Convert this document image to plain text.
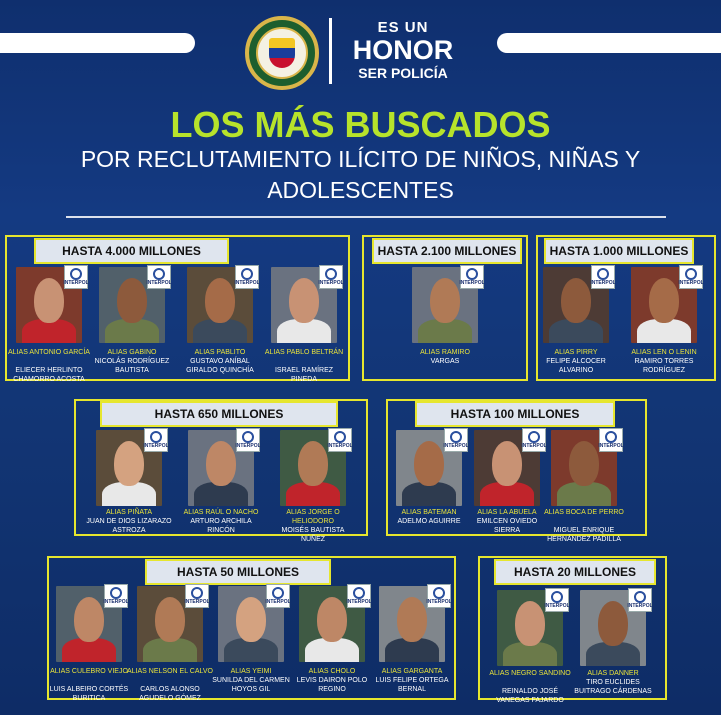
ES UN
HONOR
SER POLICÍA
LOS MÁS BUSCADOS
POR RECLUTAMIENTO ILÍCITO DE NIÑOS, NIÑAS Y ADOLESCENTES
HASTA 4.000 MILLONES
INTERPOL
ALIAS ANTONIO GARCÍA
ELIECER HERLINTO CHAMORRO ACOSTA
INTERPOL
ALIAS GABINO
NICOLÁS RODRÍGUEZ BAUTISTA
INTERPOL
ALIAS PABLITO
GUSTAVO ANÍBAL GIRALDO QUINCHÍA
INTERPOL
ALIAS PABLO BELTRÁN
ISRAEL RAMÍREZ PINEDA
HASTA 2.100 MILLONES
INTERPOL
ALIAS RAMIRO
VARGAS
HASTA 1.000 MILLONES
INTERPOL
ALIAS PIRRY
FELIPE ALCOCER ALVARINO
INTERPOL
ALIAS LEN O LENIN
RAMIRO TORRES RODRÍGUEZ
HASTA 650 MILLONES
INTERPOL
ALIAS PIÑATA
JUAN DE DIOS LIZARAZO ASTROZA
INTERPOL
ALIAS RAÚL O NACHO
ARTURO ARCHILA RINCÓN
INTERPOL
ALIAS JORGE O HELIODORO
MOISÉS BAUTISTA NÚÑEZ
HASTA 100 MILLONES
INTERPOL
ALIAS BATEMAN
ADELMO AGUIRRE
INTERPOL
ALIAS LA ABUELA
EMILCEN OVIEDO SIERRA
INTERPOL
ALIAS BOCA DE PERRO
MIGUEL ENRIQUE HERNÁNDEZ PADILLA
HASTA 50 MILLONES
INTERPOL
ALIAS CULEBRO VIEJO
LUIS ALBEIRO CORTÉS BURITICA
INTERPOL
ALIAS NELSON EL CALVO
CARLOS ALONSO AGUDELO GÓMEZ
INTERPOL
ALIAS YEIMI
SUNILDA DEL CARMEN HOYOS GIL
INTERPOL
ALIAS CHOLO
LEVIS DAIRON POLO REGINO
INTERPOL
ALIAS GARGANTA
LUIS FELIPE ORTEGA BERNAL
HASTA 20 MILLONES
INTERPOL
ALIAS NEGRO SANDINO
REINALDO JOSÉ VANEGAS FAJARDO
INTERPOL
ALIAS DANNER
TIRO EUCLIDES BUITRAGO CÁRDENAS
